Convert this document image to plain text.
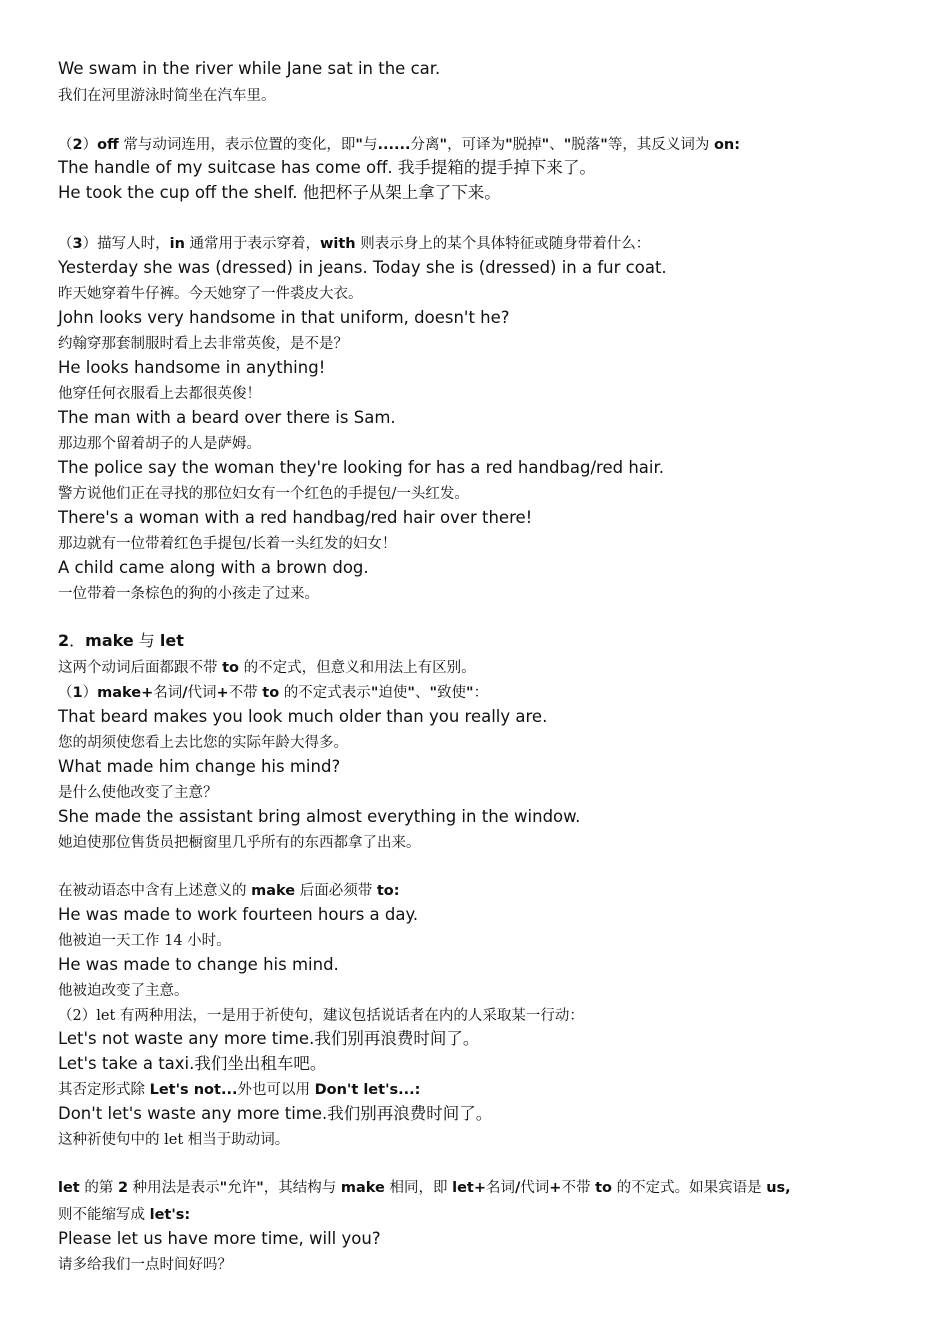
We swam in the river while Jane sat in the car.

我们在河里游泳时简坐在汽车里。

（2）off 常与动词连用，表示位置的变化，即"与......分离"，可译为"脱掉"、"脱落"等，其反义词为 on:

The handle of my suitcase has come off. 我手提箱的提手掉下来了。

He took the cup off the shelf. 他把杯子从架上拿了下来。

（3）描写人时，in 通常用于表示穿着，with 则表示身上的某个具体特征或随身带着什么：

Yesterday she was (dressed) in jeans. Today she is (dressed) in a fur coat.

昨天她穿着牛仔裤。今天她穿了一件裘皮大衣。

John looks very handsome in that uniform, doesn't he?

约翰穿那套制服时看上去非常英俊，是不是？

He looks handsome in anything!

他穿任何衣服看上去都很英俊！

The man with a beard over there is Sam.

那边那个留着胡子的人是萨姆。

The police say the woman they're looking for has a red handbag/red hair.

警方说他们正在寻找的那位妇女有一个红色的手提包/一头红发。

There's a woman with a red handbag/red hair over there!

那边就有一位带着红色手提包/长着一头红发的妇女！

A child came along with a brown dog.

一位带着一条棕色的狗的小孩走了过来。

2．make 与 let

这两个动词后面都跟不带 to 的不定式，但意义和用法上有区别。

（1）make+名词/代词+不带 to 的不定式表示"迫使"、"致使"：

That beard makes you look much older than you really are.

您的胡须使您看上去比您的实际年龄大得多。

What made him change his mind?

是什么使他改变了主意？

She made the assistant bring almost everything in the window.

她迫使那位售货员把橱窗里几乎所有的东西都拿了出来。

在被动语态中含有上述意义的 make 后面必须带 to:

He was made to work fourteen hours a day.

他被迫一天工作 14 小时。

He was made to change his mind.

他被迫改变了主意。

（2）let 有两种用法，一是用于祈使句，建议包括说话者在内的人采取某一行动：

Let's not waste any more time.我们别再浪费时间了。

Let's take a taxi.我们坐出租车吧。

其否定形式除 Let's not...外也可以用 Don't let's...:

Don't let's waste any more time.我们别再浪费时间了。

这种祈使句中的 let 相当于助动词。

let 的第 2 种用法是表示"允许"，其结构与 make 相同，即 let+名词/代词+不带 to 的不定式。如果宾语是 us,

则不能缩写成 let's:

Please let us have more time, will you?

请多给我们一点时间好吗？
